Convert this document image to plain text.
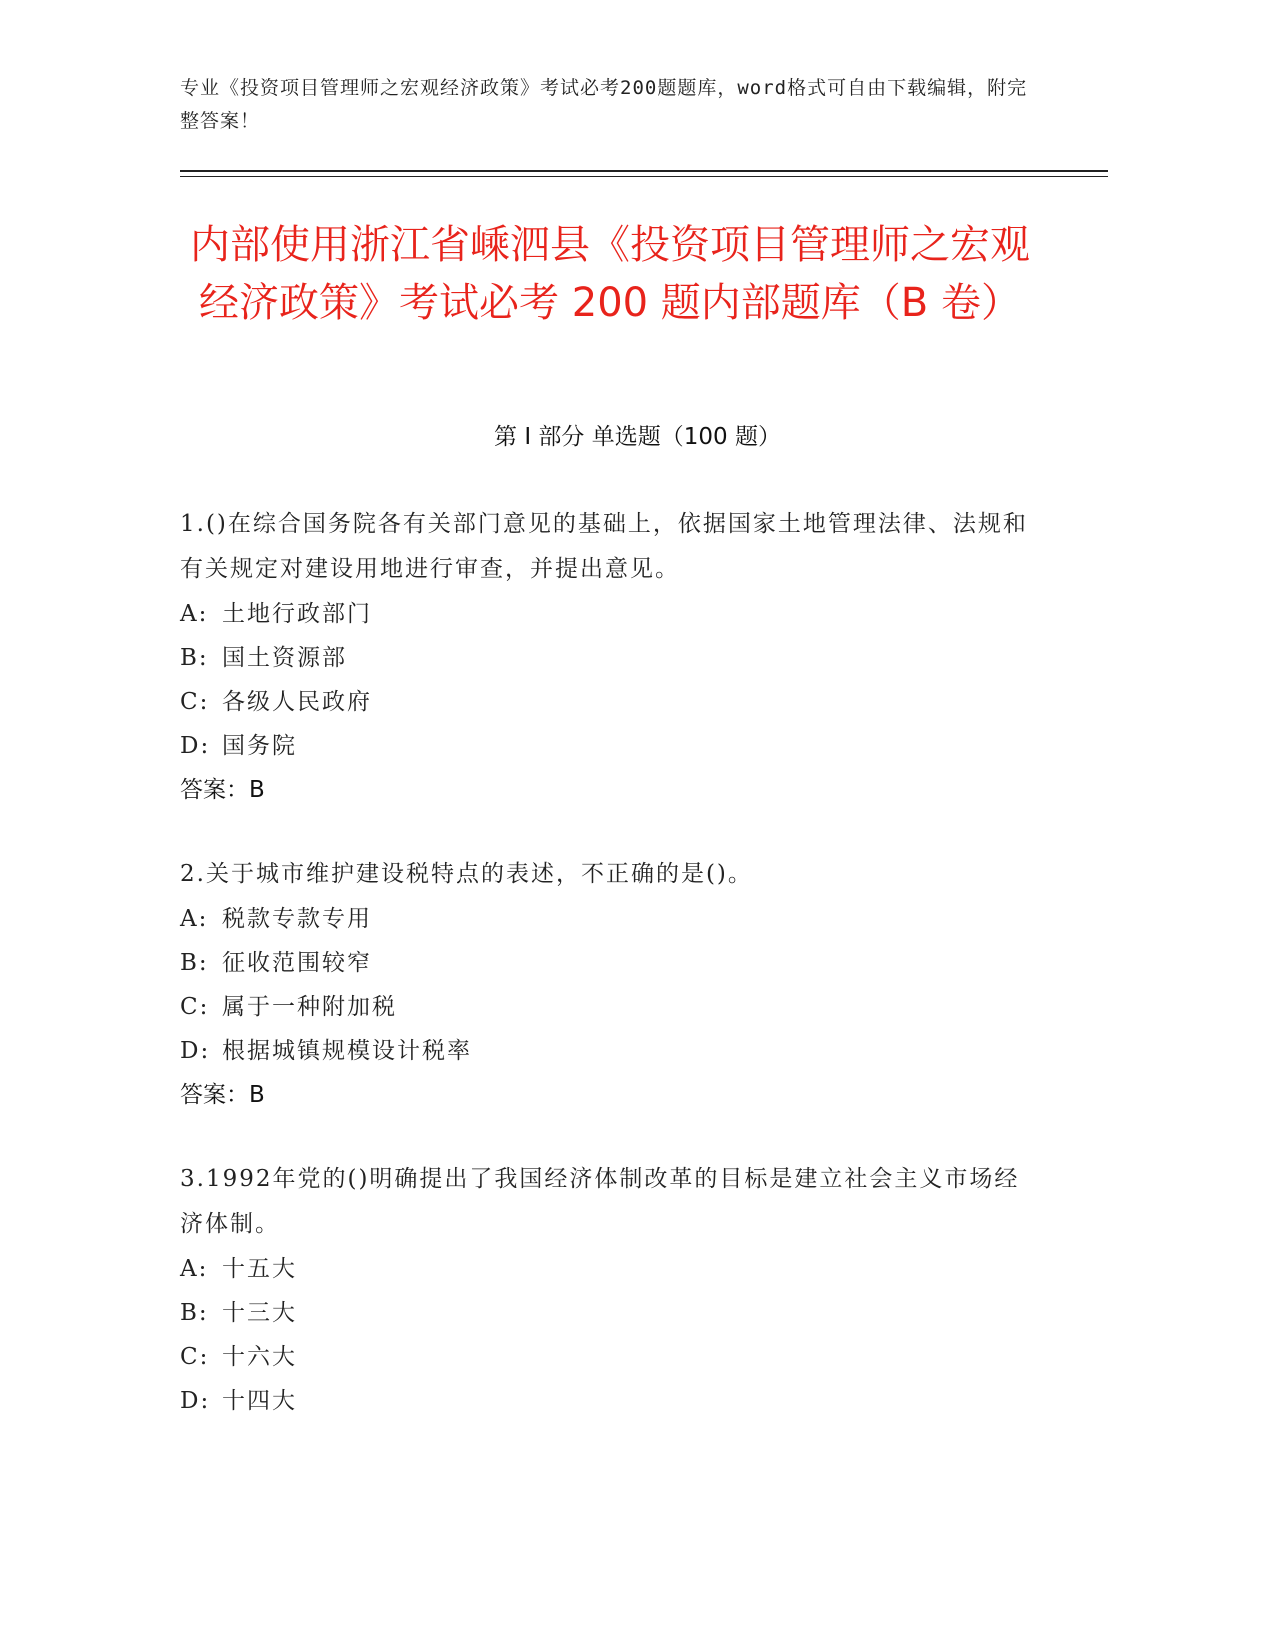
专业《投资项目管理师之宏观经济政策》考试必考200题题库，word格式可自由下载编辑，附完整答案！
内部使用浙江省嵊泗县《投资项目管理师之宏观经济政策》考试必考 200 题内部题库（B 卷）
第 I 部分 单选题（100 题）

1.()在综合国务院各有关部门意见的基础上，依据国家土地管理法律、法规和有关规定对建设用地进行审查，并提出意见。

A: 土地行政部门
B: 国土资源部
C: 各级人民政府
D: 国务院
答案：B

2.关于城市维护建设税特点的表述，不正确的是()。

A: 税款专款专用
B: 征收范围较窄
C: 属于一种附加税
D: 根据城镇规模设计税率
答案：B

3.1992年党的()明确提出了我国经济体制改革的目标是建立社会主义市场经济体制。

A: 十五大
B: 十三大
C: 十六大
D: 十四大
